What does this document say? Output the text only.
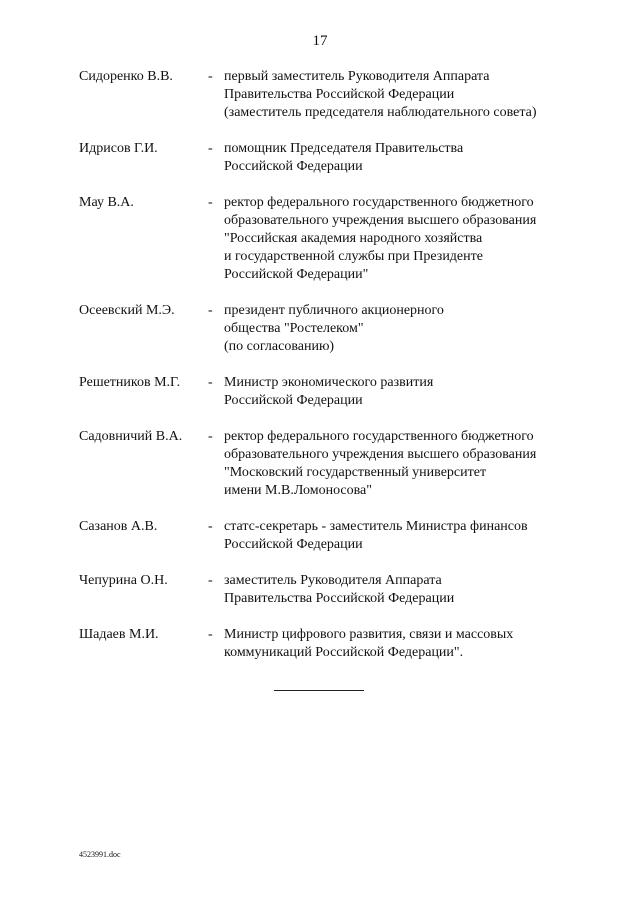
17
Сидоренко В.В.	- первый заместитель Руководителя Аппарата
Правительства Российской Федерации
(заместитель председателя наблюдательного совета)
Идрисов Г.И.	- помощник Председателя Правительства
Российской Федерации
Мау В.А.	- ректор федерального государственного бюджетного
образовательного учреждения высшего образования
"Российская академия народного хозяйства
и государственной службы при Президенте
Российской Федерации"
Осеевский М.Э. - президент публичного акционерного
общества "Ростелеком"
(по согласованию)
Решетников М.Г. - Министр экономического развития
Российской Федерации
Садовничий В.А. - ректор федерального государственного бюджетного
образовательного учреждения высшего образования
"Московский государственный университет
имени М.В.Ломоносова"
Сазанов А.В.	- статс-секретарь - заместитель Министра финансов
Российской Федерации
Чепурина О.Н.	- заместитель Руководителя Аппарата
Правительства Российской Федерации
Шадаев М.И.	- Министр цифрового развития, связи и массовых
коммуникаций Российской Федерации".
4523991.doc
